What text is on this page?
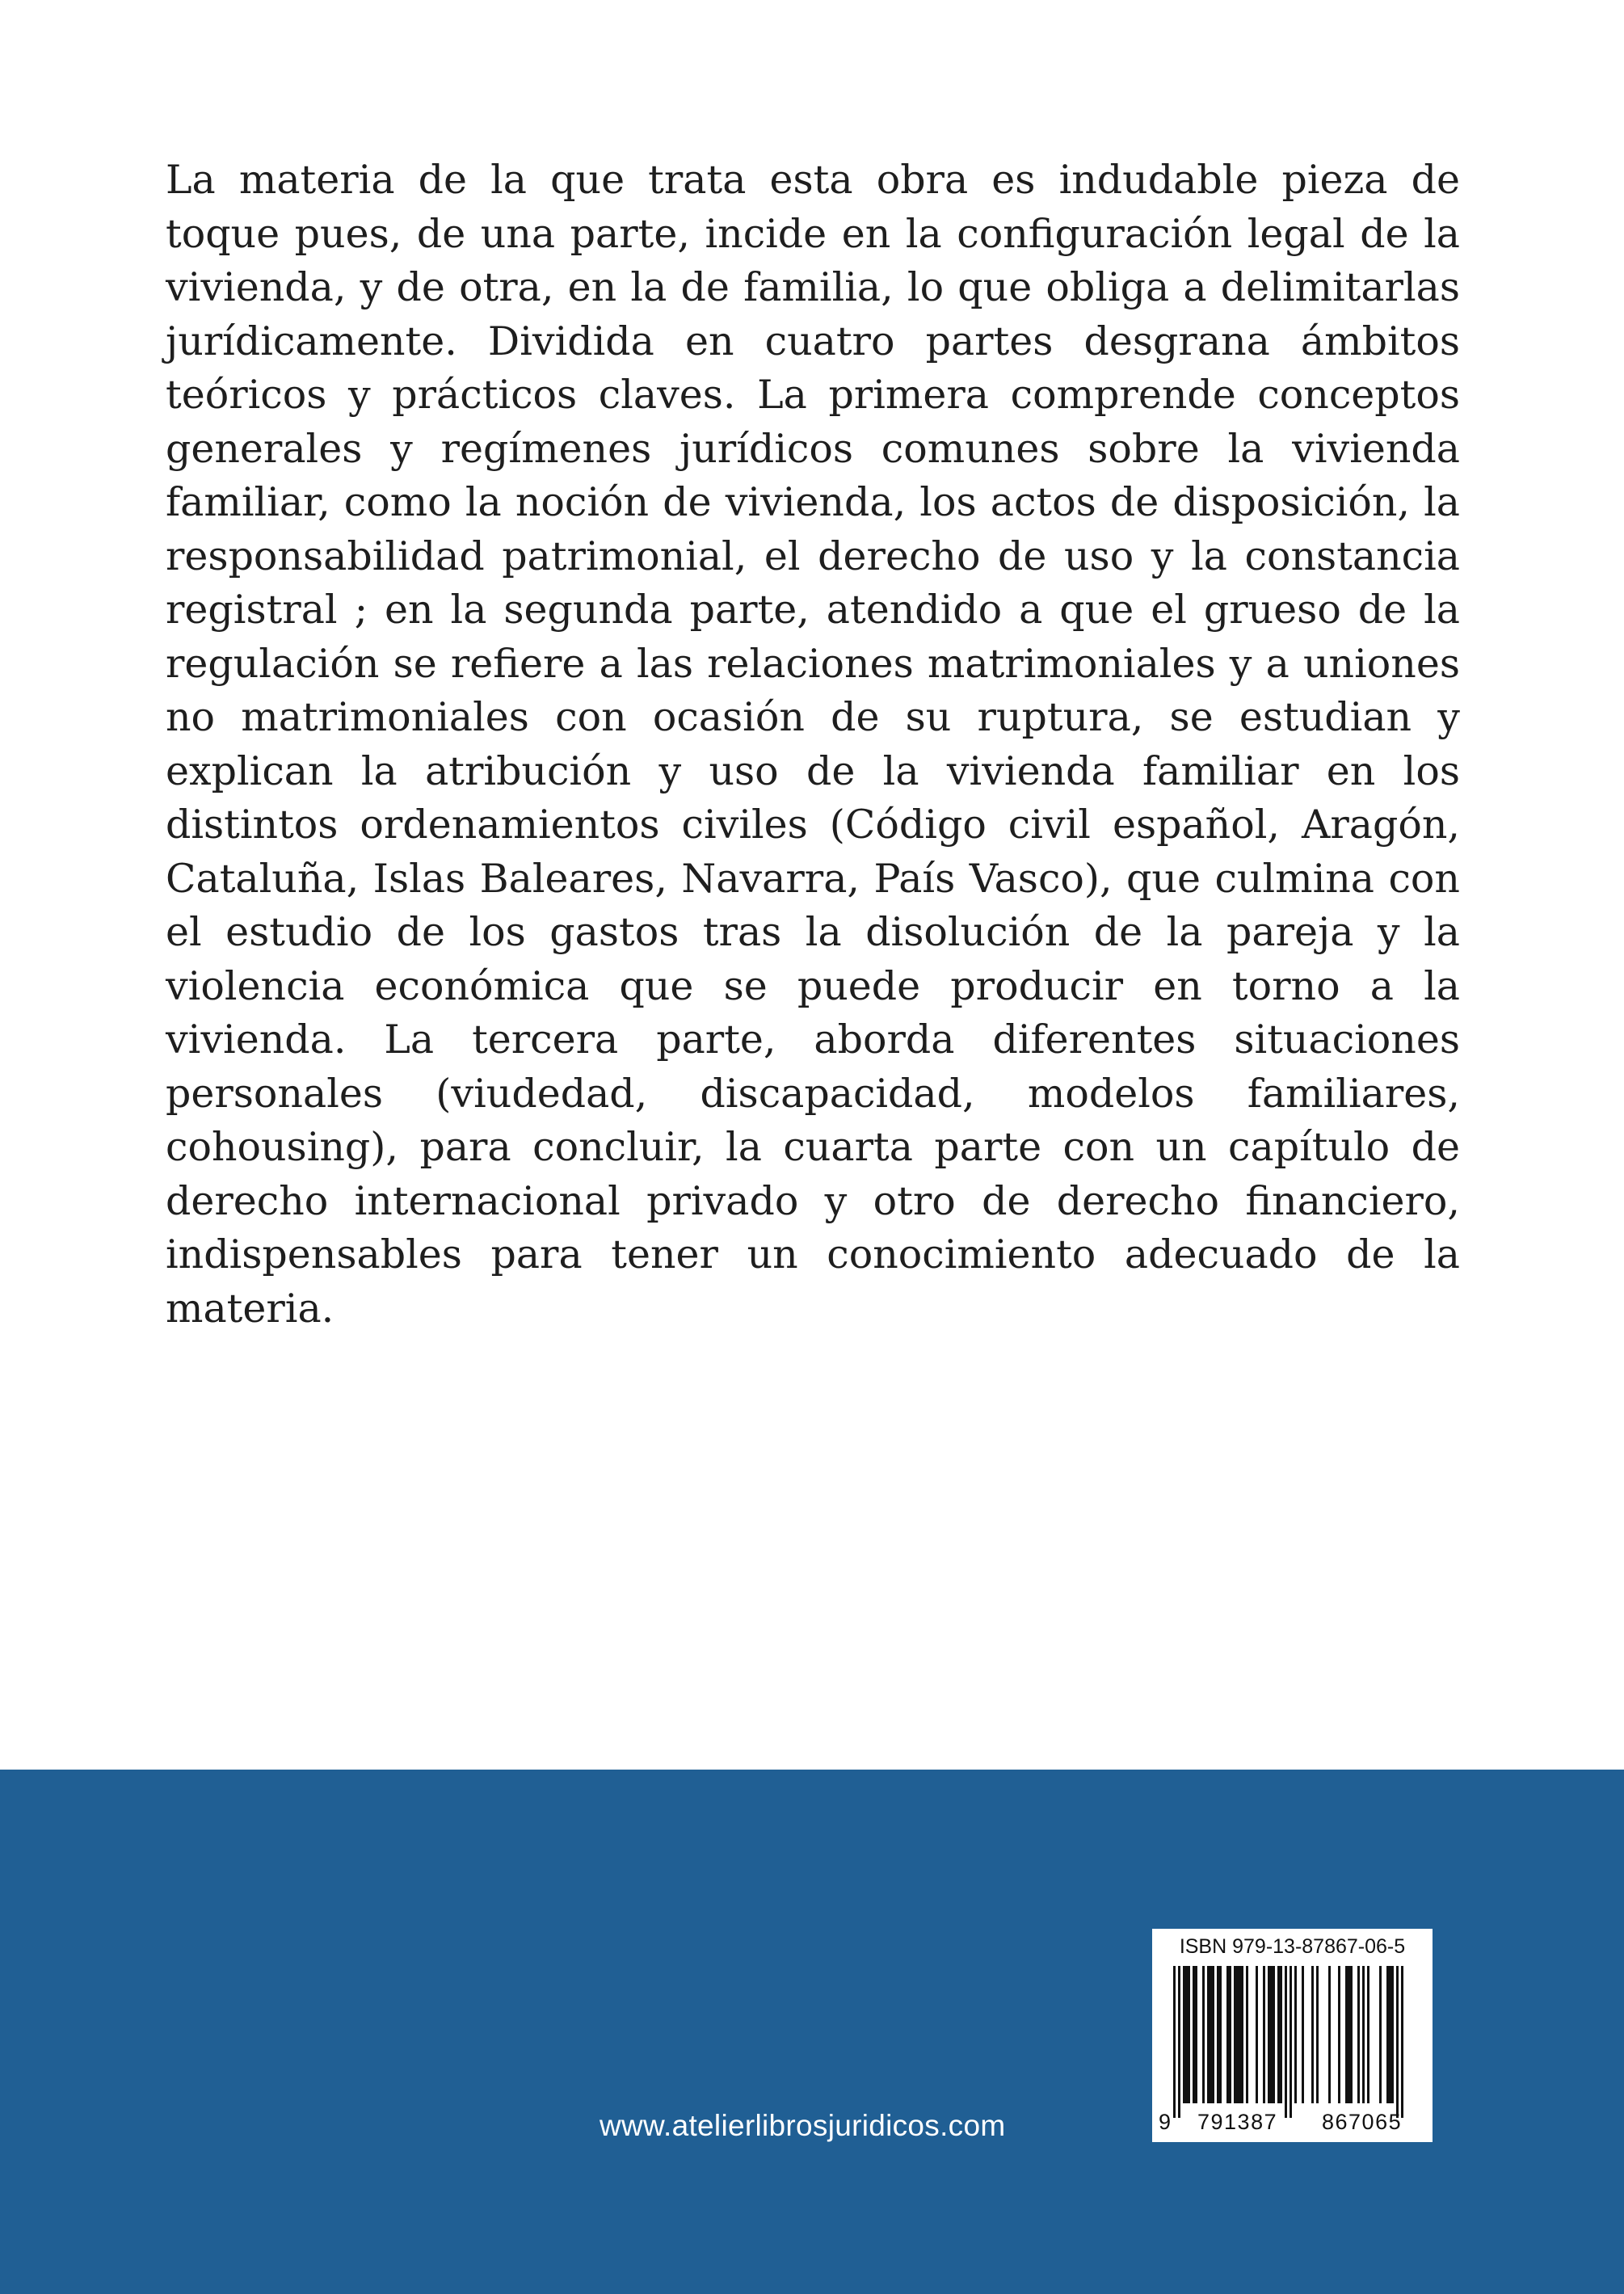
La materia de la que trata esta obra es indudable pieza de toque pues, de una parte, incide en la configuración legal de la vivienda, y de otra, en la de familia, lo que obliga a delimitarlas jurídicamente. Dividida en cuatro partes desgrana ámbitos teóricos y prácticos claves. La primera comprende conceptos generales y regímenes jurídicos comunes sobre la vivienda familiar, como la noción de vivienda, los actos de disposición, la responsabilidad patrimonial, el derecho de uso y la constancia registral ; en la segunda parte, atendido a que el grueso de la regulación se refiere a las relaciones matrimoniales y a uniones no matrimoniales con ocasión de su ruptura, se estudian y explican la atribución y uso de la vivienda familiar en los distintos ordenamientos civiles (Código civil español, Aragón, Cataluña, Islas Baleares, Navarra, País Vasco), que culmina con el estudio de los gastos tras la disolución de la pareja y la violencia económica que se puede producir en torno a la vivienda. La tercera parte, aborda diferentes situaciones personales (viudedad, discapacidad, modelos familiares, cohousing), para concluir, la cuarta parte con un capítulo de derecho internacional privado y otro de derecho financiero, indispensables para tener un conocimiento adecuado de la materia.

www.atelierlibrosjuridicos.com
ISBN 979-13-87867-06-5
9 791387 867065
